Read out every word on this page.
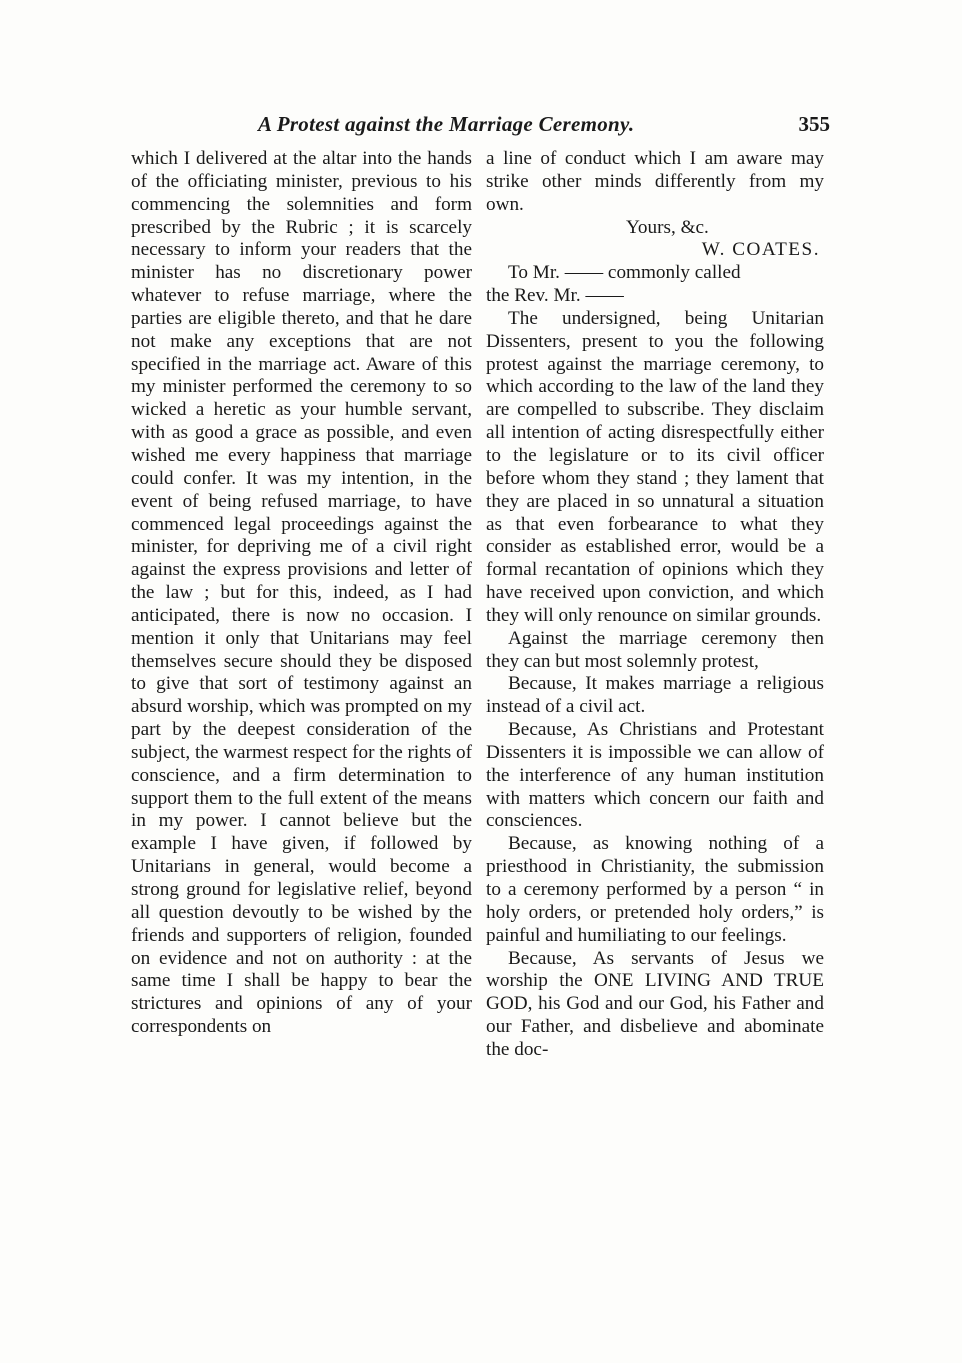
A Protest against the Marriage Ceremony.	355

which I delivered at the altar into the hands of the officiating minister, previous to his commencing the solemnities and form prescribed by the Rubric ; it is scarcely necessary to inform your readers that the minister has no discretionary power whatever to refuse marriage, where the parties are eligible thereto, and that he dare not make any exceptions that are not specified in the marriage act. Aware of this my minister performed the ceremony to so wicked a heretic as your humble servant, with as good a grace as possible, and even wished me every happiness that marriage could confer. It was my intention, in the event of being refused marriage, to have commenced legal proceedings against the minister, for depriving me of a civil right against the express provisions and letter of the law ; but for this, indeed, as I had anticipated, there is now no occasion. I mention it only that Unitarians may feel themselves secure should they be disposed to give that sort of testimony against an absurd worship, which was prompted on my part by the deepest consideration of the subject, the warmest respect for the rights of conscience, and a firm determination to support them to the full extent of the means in my power. I cannot believe but the example I have given, if followed by Unitarians in general, would become a strong ground for legislative relief, beyond all question devoutly to be wished by the friends and supporters of religion, founded on evidence and not on authority : at the same time I shall be happy to bear the strictures and opinions of any of your correspondents on

a line of conduct which I am aware may strike other minds differently from my own.

Yours, &c.

W. COATES.

To Mr. —— commonly called

the Rev. Mr. ——

The undersigned, being Unitarian Dissenters, present to you the following protest against the marriage ceremony, to which according to the law of the land they are compelled to subscribe. They disclaim all intention of acting disrespectfully either to the legislature or to its civil officer before whom they stand ; they lament that they are placed in so unnatural a situation as that even forbearance to what they consider as established error, would be a formal recantation of opinions which they have received upon conviction, and which they will only renounce on similar grounds.

Against the marriage ceremony then they can but most solemnly protest,

Because, It makes marriage a religious instead of a civil act.

Because, As Christians and Protestant Dissenters it is impossible we can allow of the interference of any human institution with matters which concern our faith and consciences.

Because, as knowing nothing of a priesthood in Christianity, the submission to a ceremony performed by a person “ in holy orders, or pretended holy orders,” is painful and humiliating to our feelings.

Because, As servants of Jesus we worship the ONE LIVING AND TRUE GOD, his God and our God, his Father and our Father, and disbelieve and abominate the doc-
